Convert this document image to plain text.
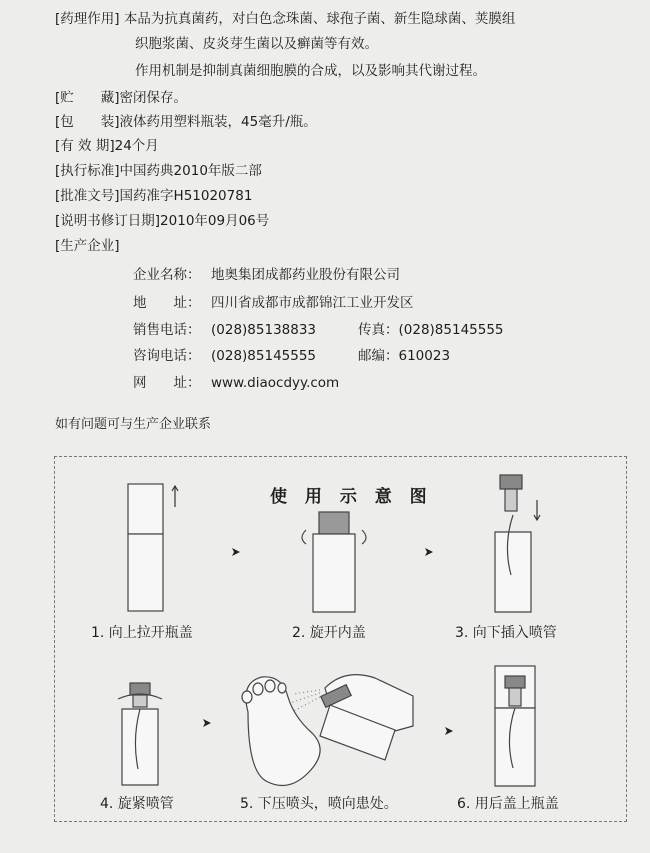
[药理作用] 本品为抗真菌药，对白色念珠菌、球孢子菌、新生隐球菌、荚膜组
织胞浆菌、皮炎芽生菌以及癣菌等有效。
作用机制是抑制真菌细胞膜的合成，以及影响其代谢过程。
[贮　　藏]密闭保存。
[包　　装]液体药用塑料瓶装，45毫升/瓶。
[有 效 期]24个月
[执行标准]中国药典2010年版二部
[批准文号]国药准字H51020781
[说明书修订日期]2010年09月06号
[生产企业]
企业名称： 地奥集团成都药业股份有限公司
地　　址： 四川省成都市成都锦江工业开发区
销售电话： (028)85138833	传真：(028)85145555
咨询电话： (028)85145555	邮编：610023
网　　址： www.diaocdyy.com
如有问题可与生产企业联系
使 用 示 意 图
1. 向上拉开瓶盖	2. 旋开内盖	3. 向下插入喷管
4. 旋紧喷管	5. 下压喷头，喷向患处。	6. 用后盖上瓶盖
